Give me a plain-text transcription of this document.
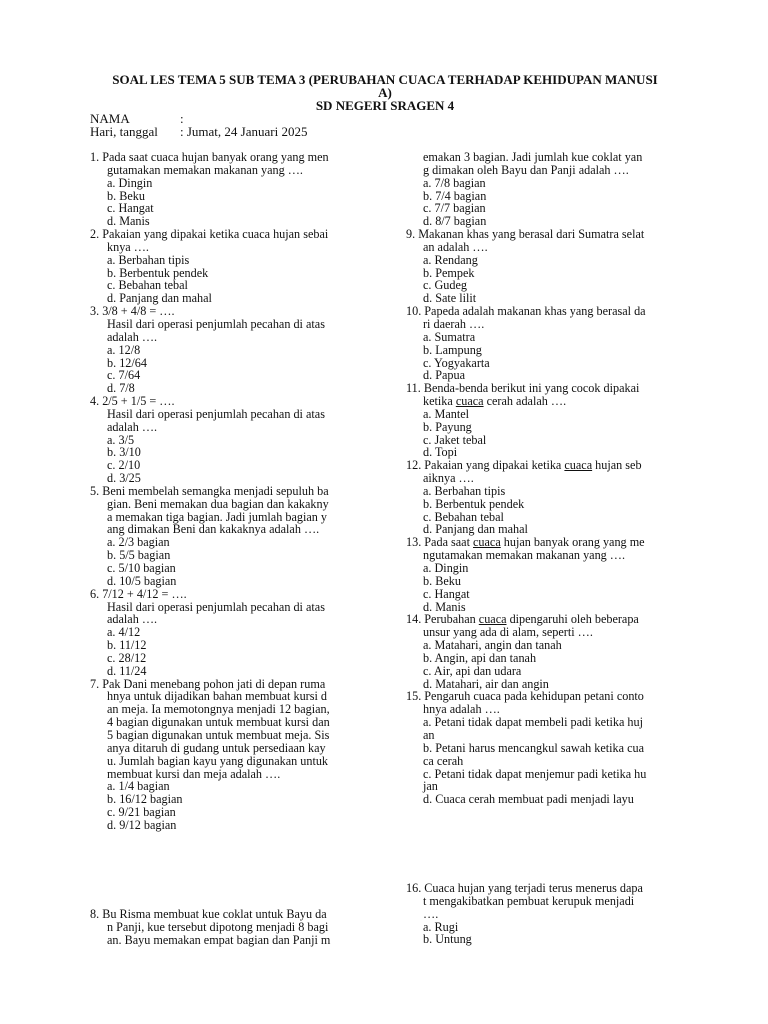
SOAL LES TEMA 5 SUB TEMA 3 (PERUBAHAN CUACA TERHADAP KEHIDUPAN MANUSI
A)
SD NEGERI SRAGEN 4
NAMA	:
Hari, tanggal : Jumat, 24 Januari 2025
1. Pada saat cuaca hujan banyak orang yang men
gutamakan memakan makanan yang ….
a. Dingin
b. Beku
c. Hangat
d. Manis
2. Pakaian yang dipakai ketika cuaca hujan sebai
knya ….
a. Berbahan tipis
b. Berbentuk pendek
c. Bebahan tebal
d. Panjang dan mahal
3. 3/8 + 4/8 = ….
Hasil dari operasi penjumlah pecahan di atas
adalah ….
a. 12/8
b. 12/64
c. 7/64
d. 7/8
4. 2/5 + 1/5 = ….
Hasil dari operasi penjumlah pecahan di atas
adalah ….
a. 3/5
b. 3/10
c. 2/10
d. 3/25
5. Beni membelah semangka menjadi sepuluh ba
gian. Beni memakan dua bagian dan kakakny
a memakan tiga bagian. Jadi jumlah bagian y
ang dimakan Beni dan kakaknya adalah ….
a. 2/3 bagian
b. 5/5 bagian
c. 5/10 bagian
d. 10/5 bagian
6. 7/12 + 4/12 = ….
Hasil dari operasi penjumlah pecahan di atas
adalah ….
a. 4/12
b. 11/12
c. 28/12
d. 11/24
7. Pak Dani menebang pohon jati di depan ruma
hnya untuk dijadikan bahan membuat kursi d
an meja. Ia memotongnya menjadi 12 bagian,
4 bagian digunakan untuk membuat kursi dan
5 bagian digunakan untuk membuat meja. Sis
anya ditaruh di gudang untuk persediaan kay
u. Jumlah bagian kayu yang digunakan untuk
membuat kursi dan meja adalah ….
a. 1/4 bagian
b. 16/12 bagian
c. 9/21 bagian
d. 9/12 bagian
8. Bu Risma membuat kue coklat untuk Bayu da
n Panji, kue tersebut dipotong menjadi 8 bagi
an. Bayu memakan empat bagian dan Panji m
emakan 3 bagian. Jadi jumlah kue coklat yan
g dimakan oleh Bayu dan Panji adalah ….
a. 7/8 bagian
b. 7/4 bagian
c. 7/7 bagian
d. 8/7 bagian
9. Makanan khas yang berasal dari Sumatra selat
an adalah ….
a. Rendang
b. Pempek
c. Gudeg
d. Sate lilit
10. Papeda adalah makanan khas yang berasal da
ri daerah ….
a. Sumatra
b. Lampung
c. Yogyakarta
d. Papua
11. Benda-benda berikut ini yang cocok dipakai
ketika cuaca cerah adalah ….
a. Mantel
b. Payung
c. Jaket tebal
d. Topi
12. Pakaian yang dipakai ketika cuaca hujan seb
aiknya ….
a. Berbahan tipis
b. Berbentuk pendek
c. Bebahan tebal
d. Panjang dan mahal
13. Pada saat cuaca hujan banyak orang yang me
ngutamakan memakan makanan yang ….
a. Dingin
b. Beku
c. Hangat
d. Manis
14. Perubahan cuaca dipengaruhi oleh beberapa
unsur yang ada di alam, seperti ….
a. Matahari, angin dan tanah
b. Angin, api dan tanah
c. Air, api dan udara
d. Matahari, air dan angin
15. Pengaruh cuaca pada kehidupan petani conto
hnya adalah ….
a. Petani tidak dapat membeli padi ketika huj
an
b. Petani harus mencangkul sawah ketika cua
ca cerah
c. Petani tidak dapat menjemur padi ketika hu
jan
d. Cuaca cerah membuat padi menjadi layu
16. Cuaca hujan yang terjadi terus menerus dapa
t mengakibatkan pembuat kerupuk menjadi
….
a. Rugi
b. Untung
